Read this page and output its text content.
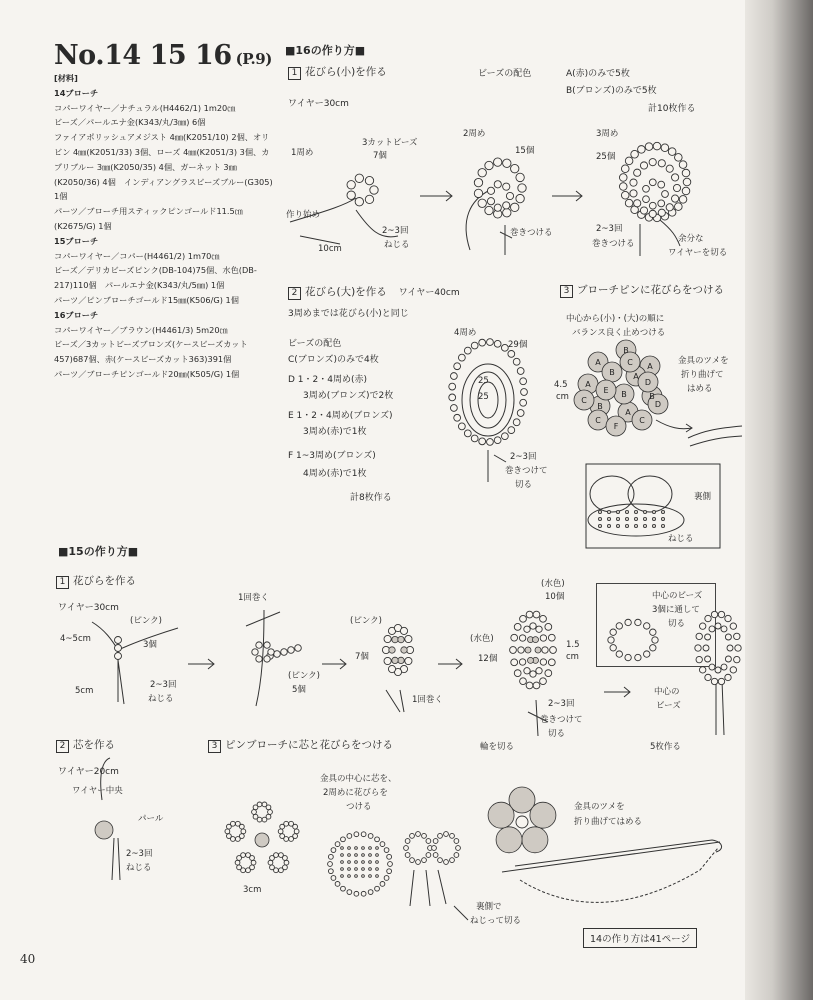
No.14 15 16 (P.9)
[材料]
14ブローチ
コパーワイヤー／ナチュラル(H4462/1) 1m20㎝
ビーズ／パールエナ金(K343/丸/3㎜) 6個
ファイアポリッシュアメジスト 4㎜(K2051/10) 2個、オリビン 4㎜(K2051/33) 3個、ローズ 4㎜(K2051/3) 3個、カプリブルー 3㎜(K2050/35) 4個、ガーネット 3㎜(K2050/36) 4個　インディアングラスビーズブルー(G305) 1個
パーツ／ブローチ用スティックピンゴールド11.5㎝(K2675/G) 1個
15ブローチ
コパーワイヤー／コパー(H4461/2) 1m70㎝
ビーズ／デリカビーズピンク(DB-104)75個、水色(DB-217)110個　パールエナ金(K343/丸/5㎜) 1個
パーツ／ピンブローチゴールド15㎜(K506/G) 1個
16ブローチ
コパーワイヤー／ブラウン(H4461/3) 5m20㎝
ビーズ／3カットビーズブロンズ(ケースビーズカット457)687個、赤(ケースビーズカット363)391個
パーツ／ブローチピンゴールド20㎜(K505/G) 1個
■16の作り方■
1 花びら(小)を作る
ワイヤー30cm
ビーズの配色	A(赤)のみで5枚
B(ブロンズ)のみで5枚
計10枚作る
1周め
3カットビーズ
7個
作り始め
10cm
2~3回
ねじる
2周め
15個
巻きつける
3周め
25個
2~3回
巻きつける	余分な
ワイヤーを切る
2 花びら(大)を作る ワイヤー40cm
3周めまでは花びら(小)と同じ
ビーズの配色
C(ブロンズ)のみで4枚
D 1・2・4周め(赤)
3周め(ブロンズ)で2枚
E 1・2・4周め(ブロンズ)
3周め(赤)で1枚
F 1~3周め(ブロンズ)
4周め(赤)で1枚
計8枚作る
4周め
29個
25
25
2~3回
巻きつけて
切る
3 ブローチピンに花びらをつける
中心から(小)・(大)の順に
バランス良く止めつける
金具のツメを
折り曲げて
はめる
4.5
cm
裏側
ねじる
■15の作り方■
1 花びらを作る
ワイヤー30cm
4~5cm
(ピンク)
3個
5cm
2~3回
ねじる
1回巻く
(ピンク)
5個
(ピンク)
7個
1回巻く
(水色)
12個
(水色)
10個
1.5
cm
2~3回
巻きつけて
切る
輪を切る
中心のビーズ
3個に通して
切る
中心の
ビーズ
5枚作る
2 芯を作る
ワイヤー20cm
ワイヤー中央
パール
2~3回
ねじる
3 ピンブローチに芯と花びらをつける
3cm
金具の中心に芯を、
2周めに花びらを
つける
裏側で
ねじって切る
金具のツメを
折り曲げてはめる
14の作り方は41ページ
40
A
B
A
B
A
B
A
B A
B
E
C
D
C
F
C
D
C
